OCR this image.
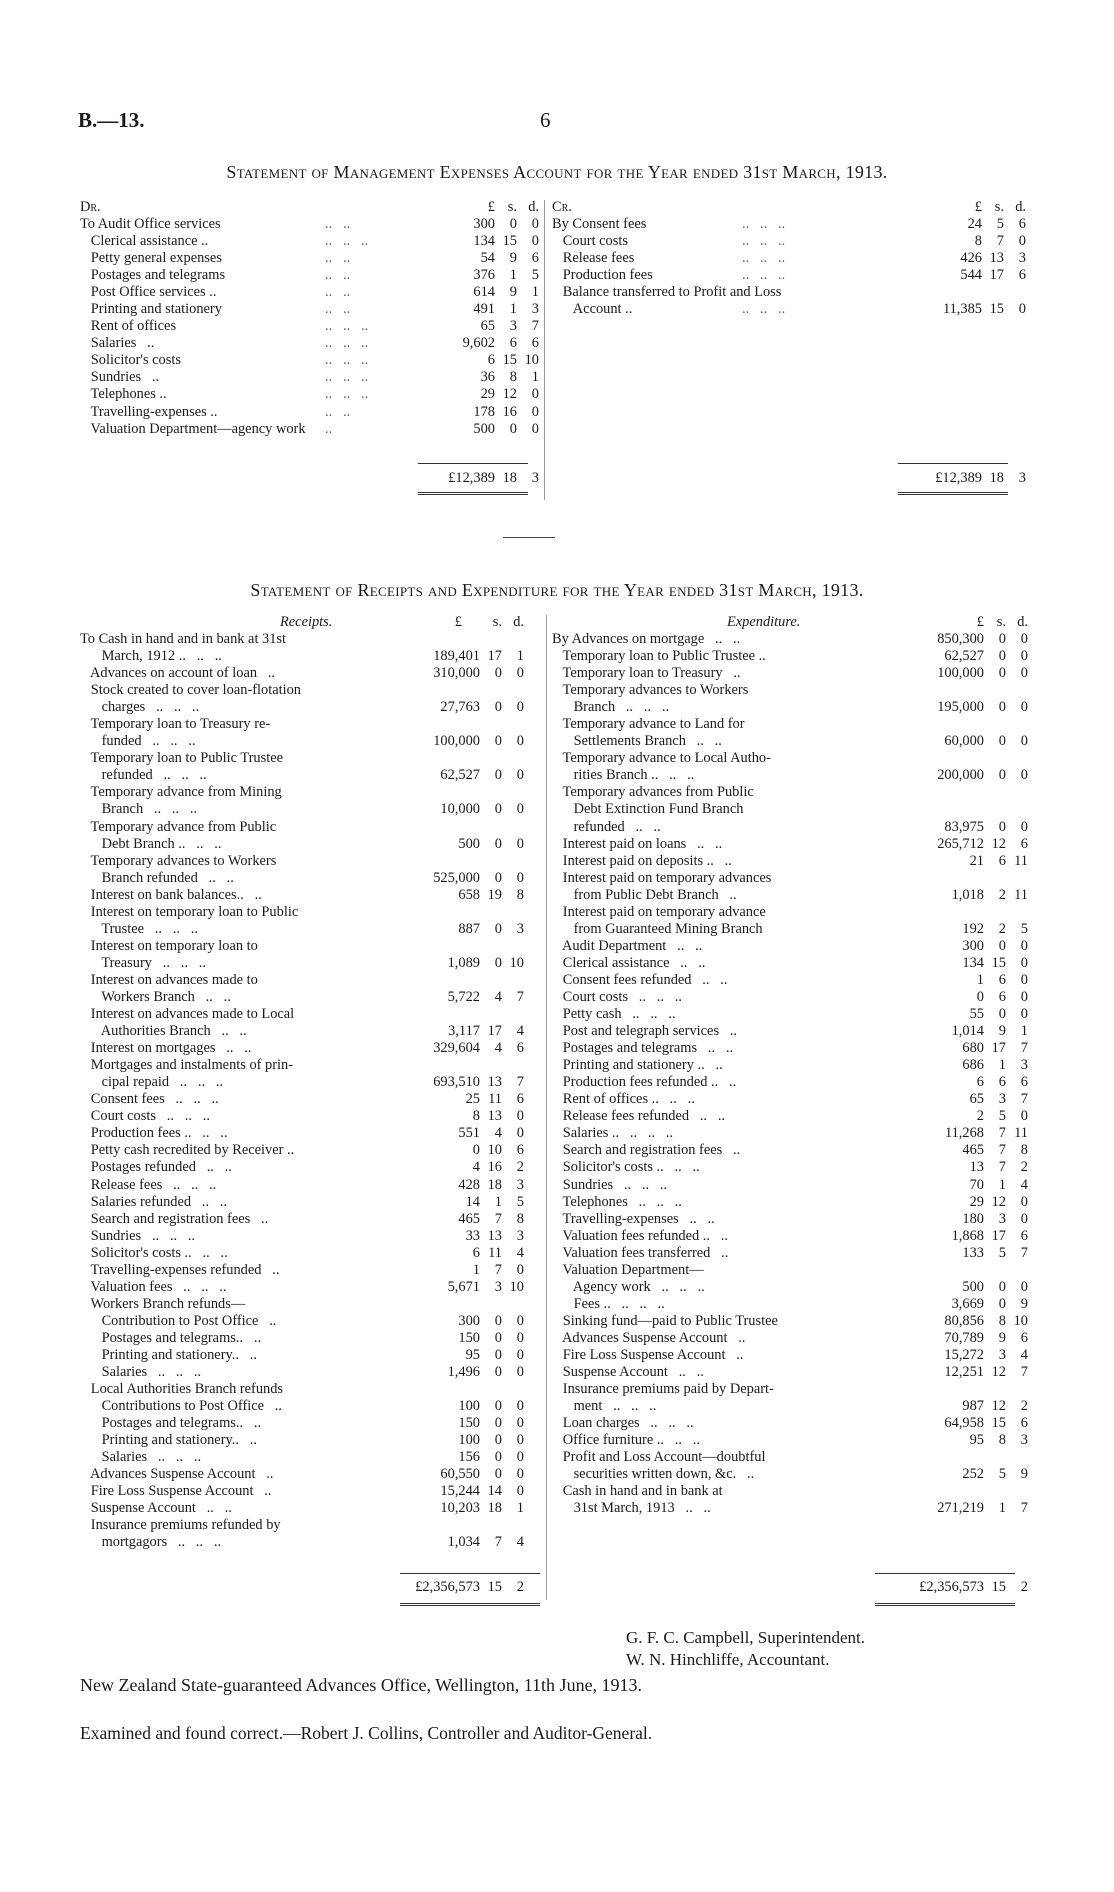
B.—13.	6
Statement of Management Expenses Account for the Year ended 31st March, 1913.
Dr.	£ s. d.
To Audit Office services	..   ..	300	0	0
Clerical assistance ..	..   ..   ..	134 15	0
Petty general expenses	..   ..	54	9	6
Postages and telegrams	..   ..	376	1	5
Post Office services ..	..   ..	614	9	1
Printing and stationery	..   ..	491	1	3
Rent of offices	..   ..   ..	65	3	7
Salaries   ..	..   ..   ..	9,602	6	6
Solicitor's costs	..   ..   ..	6 15 10
Sundries   ..	..   ..   ..	36	8	1
Telephones ..	..   ..   ..	29 12	0
Travelling-expenses ..	..   ..	178 16	0
Valuation Department—agency work ..	500	0	0
£12,389 18	3
Cr.	£ s. d.
By Consent fees	..   ..   ..	24	5	6
Court costs	..   ..   ..	8	7	0
Release fees	..   ..   ..	426 13	3
Production fees	..   ..   ..	544 17	6
Balance transferred to Profit and Loss
Account ..	..   ..   ..	11,385 15	0
£12,389 18	3
Statement of Receipts and Expenditure for the Year ended 31st March, 1913.
Receipts.	£	s. d.
To Cash in hand and in bank at 31st
March, 1912 ..   ..   ..	189,401 17	1
Advances on account of loan   ..	310,000	0	0
Stock created to cover loan-flotation
charges   ..   ..   ..	27,763	0	0
Temporary loan to Treasury re-
funded   ..   ..   ..	100,000	0	0
Temporary loan to Public Trustee
refunded   ..   ..   ..	62,527	0	0
Temporary advance from Mining
Branch   ..   ..   ..	10,000	0	0
Temporary advance from Public
Debt Branch ..   ..   ..	500	0	0
Temporary advances to Workers
Branch refunded   ..   ..	525,000	0	0
Interest on bank balances..   ..	658 19	8
Interest on temporary loan to Public
Trustee   ..   ..   ..	887	0	3
Interest on temporary loan to
Treasury   ..   ..   ..	1,089	0 10
Interest on advances made to
Workers Branch   ..   ..	5,722	4	7
Interest on advances made to Local
Authorities Branch   ..   ..	3,117 17	4
Interest on mortgages   ..   ..	329,604	4	6
Mortgages and instalments of prin-
cipal repaid   ..   ..   ..	693,510 13	7
Consent fees   ..   ..   ..	25 11	6
Court costs   ..   ..   ..	8 13	0
Production fees ..   ..   ..	551	4	0
Petty cash recredited by Receiver ..	0 10	6
Postages refunded   ..   ..	4 16	2
Release fees   ..   ..   ..	428 18	3
Salaries refunded   ..   ..	14	1	5
Search and registration fees   ..	465	7	8
Sundries   ..   ..   ..	33 13	3
Solicitor's costs ..   ..   ..	6 11	4
Travelling-expenses refunded   ..	1	7	0
Valuation fees   ..   ..   ..	5,671	3 10
Workers Branch refunds—
Contribution to Post Office   ..	300	0	0
Postages and telegrams..   ..	150	0	0
Printing and stationery..   ..	95	0	0
Salaries   ..   ..   ..	1,496	0	0
Local Authorities Branch refunds
Contributions to Post Office   ..	100	0	0
Postages and telegrams..   ..	150	0	0
Printing and stationery..   ..	100	0	0
Salaries   ..   ..   ..	156	0	0
Advances Suspense Account   ..	60,550	0	0
Fire Loss Suspense Account   ..	15,244 14	0
Suspense Account   ..   ..	10,203 18	1
Insurance premiums refunded by
mortgagors   ..   ..   ..	1,034	7	4
£2,356,573 15	2
Expenditure.	£ s. d.
By Advances on mortgage   ..   ..	850,300	0	0
Temporary loan to Public Trustee ..	62,527	0	0
Temporary loan to Treasury   ..	100,000	0	0
Temporary advances to Workers
Branch   ..   ..   ..	195,000	0	0
Temporary advance to Land for
Settlements Branch   ..   ..	60,000	0	0
Temporary advance to Local Autho-
rities Branch ..   ..   ..	200,000	0	0
Temporary advances from Public
Debt Extinction Fund Branch
refunded   ..   ..	83,975	0	0
Interest paid on loans   ..   ..	265,712 12	6
Interest paid on deposits ..   ..	21	6 11
Interest paid on temporary advances
from Public Debt Branch   ..	1,018	2 11
Interest paid on temporary advance
from Guaranteed Mining Branch	192	2	5
Audit Department   ..   ..	300	0	0
Clerical assistance   ..   ..	134 15	0
Consent fees refunded   ..   ..	1	6	0
Court costs   ..   ..   ..	0	6	0
Petty cash   ..   ..   ..	55	0	0
Post and telegraph services   ..	1,014	9	1
Postages and telegrams   ..   ..	680 17	7
Printing and stationery ..   ..	686	1	3
Production fees refunded ..   ..	6	6	6
Rent of offices ..   ..   ..	65	3	7
Release fees refunded   ..   ..	2	5	0
Salaries ..   ..   ..   ..	11,268	7 11
Search and registration fees   ..	465	7	8
Solicitor's costs ..   ..   ..	13	7	2
Sundries   ..   ..   ..	70	1	4
Telephones   ..   ..   ..	29 12	0
Travelling-expenses   ..   ..	180	3	0
Valuation fees refunded ..   ..	1,868 17	6
Valuation fees transferred   ..	133	5	7
Valuation Department—
Agency work   ..   ..   ..	500	0	0
Fees ..   ..   ..   ..	3,669	0	9
Sinking fund—paid to Public Trustee	80,856	8 10
Advances Suspense Account   ..	70,789	9	6
Fire Loss Suspense Account   ..	15,272	3	4
Suspense Account   ..   ..	12,251 12	7
Insurance premiums paid by Depart-
ment   ..   ..   ..	987 12	2
Loan charges   ..   ..   ..	64,958 15	6
Office furniture ..   ..   ..	95	8	3
Profit and Loss Account—doubtful
securities written down, &c.   ..	252	5	9
Cash in hand and in bank at
31st March, 1913   ..   ..	271,219	1	7
£2,356,573 15	2
G. F. C. Campbell, Superintendent.
W. N. Hinchliffe, Accountant.
New Zealand State-guaranteed Advances Office, Wellington, 11th June, 1913.
Examined and found correct.—Robert J. Collins, Controller and Auditor-General.
